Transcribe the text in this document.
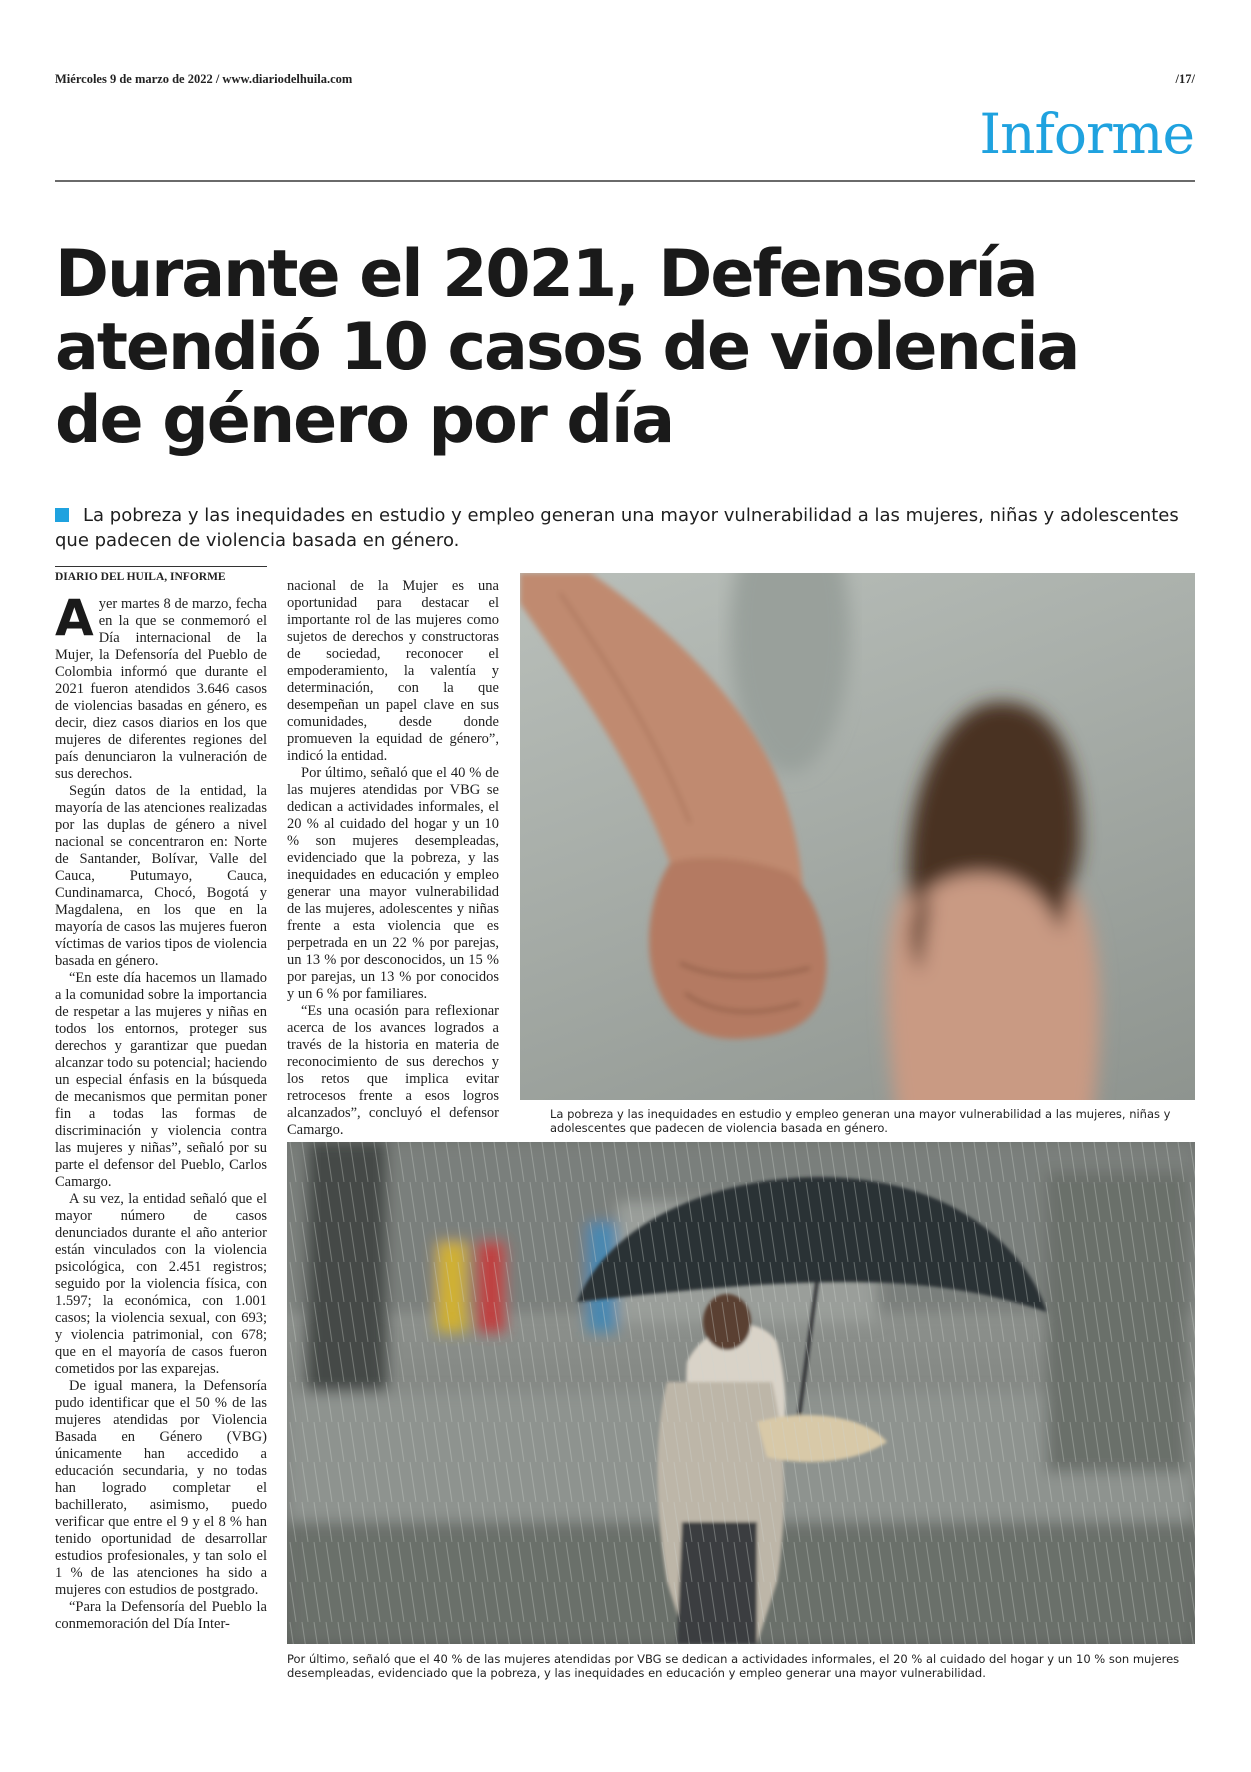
Miércoles 9 de marzo de 2022 / www.diariodelhuila.com	/17/
Informe
Durante el 2021, Defensoría
atendió 10 casos de violencia
de género por día

La pobreza y las inequidades en estudio y empleo generan una mayor vulnerabilidad a las mujeres, niñas y adolescentes que padecen de violencia basada en género.

DIARIO DEL HUILA, INFORME

Ayer martes 8 de marzo, fecha en la que se conmemoró el Día internacional de la Mujer, la Defensoría del Pueblo de Colombia informó que durante el 2021 fueron atendidos 3.646 casos de violencias basadas en género, es decir, diez casos diarios en los que mujeres de diferentes regiones del país denunciaron la vulneración de sus derechos.

Según datos de la entidad, la mayoría de las atenciones realizadas por las duplas de género a nivel nacional se concentraron en: Norte de Santander, Bolívar, Valle del Cauca, Putumayo, Cauca, Cundinamarca, Chocó, Bogotá y Magdalena, en los que en la mayoría de casos las mujeres fueron víctimas de varios tipos de violencia basada en género.

“En este día hacemos un llamado a la comunidad sobre la importancia de respetar a las mujeres y niñas en todos los entornos, proteger sus derechos y garantizar que puedan alcanzar todo su potencial; haciendo un especial énfasis en la búsqueda de mecanismos que permitan poner fin a todas las formas de discriminación y violencia contra las mujeres y niñas”, señaló por su parte el defensor del Pueblo, Carlos Camargo.

A su vez, la entidad señaló que el mayor número de casos denunciados durante el año anterior están vinculados con la violencia psicológica, con 2.451 registros; seguido por la violencia física, con 1.597; la económica, con 1.001 casos; la violencia sexual, con 693; y violencia patrimonial, con 678; que en el mayoría de casos fueron cometidos por las exparejas.

De igual manera, la Defensoría pudo identificar que el 50 % de las mujeres atendidas por Violencia Basada en Género (VBG) únicamente han accedido a educación secundaria, y no todas han logrado completar el bachillerato, asimismo, puedo verificar que entre el 9 y el 8 % han tenido oportunidad de desarrollar estudios profesionales, y tan solo el 1 % de las atenciones ha sido a mujeres con estudios de postgrado.

“Para la Defensoría del Pueblo la conmemoración del Día Inter-

nacional de la Mujer es una oportunidad para destacar el importante rol de las mujeres como sujetos de derechos y constructoras de sociedad, reconocer el empoderamiento, la valentía y determinación, con la que desempeñan un papel clave en sus comunidades, desde donde promueven la equidad de género”, indicó la entidad.

Por último, señaló que el 40 % de las mujeres atendidas por VBG se dedican a actividades informales, el 20 % al cuidado del hogar y un 10 % son mujeres desempleadas, evidenciado que la pobreza, y las inequidades en educación y empleo generar una mayor vulnerabilidad de las mujeres, adolescentes y niñas frente a esta violencia que es perpetrada en un 22 % por parejas, un 13 % por desconocidos, un 15 % por parejas, un 13 % por conocidos y un 6 % por familiares.

“Es una ocasión para reflexionar acerca de los avances logrados a través de la historia en materia de reconocimiento de sus derechos y los retos que implica evitar retrocesos frente a esos logros alcanzados”, concluyó el defensor Camargo.

La pobreza y las inequidades en estudio y empleo generan una mayor vulnerabilidad a las mujeres, niñas y adolescentes que padecen de violencia basada en género.
Por último, señaló que el 40 % de las mujeres atendidas por VBG se dedican a actividades informales, el 20 % al cuidado del hogar y un 10 % son mujeres desempleadas, evidenciado que la pobreza, y las inequidades en educación y empleo generar una mayor vulnerabilidad.
